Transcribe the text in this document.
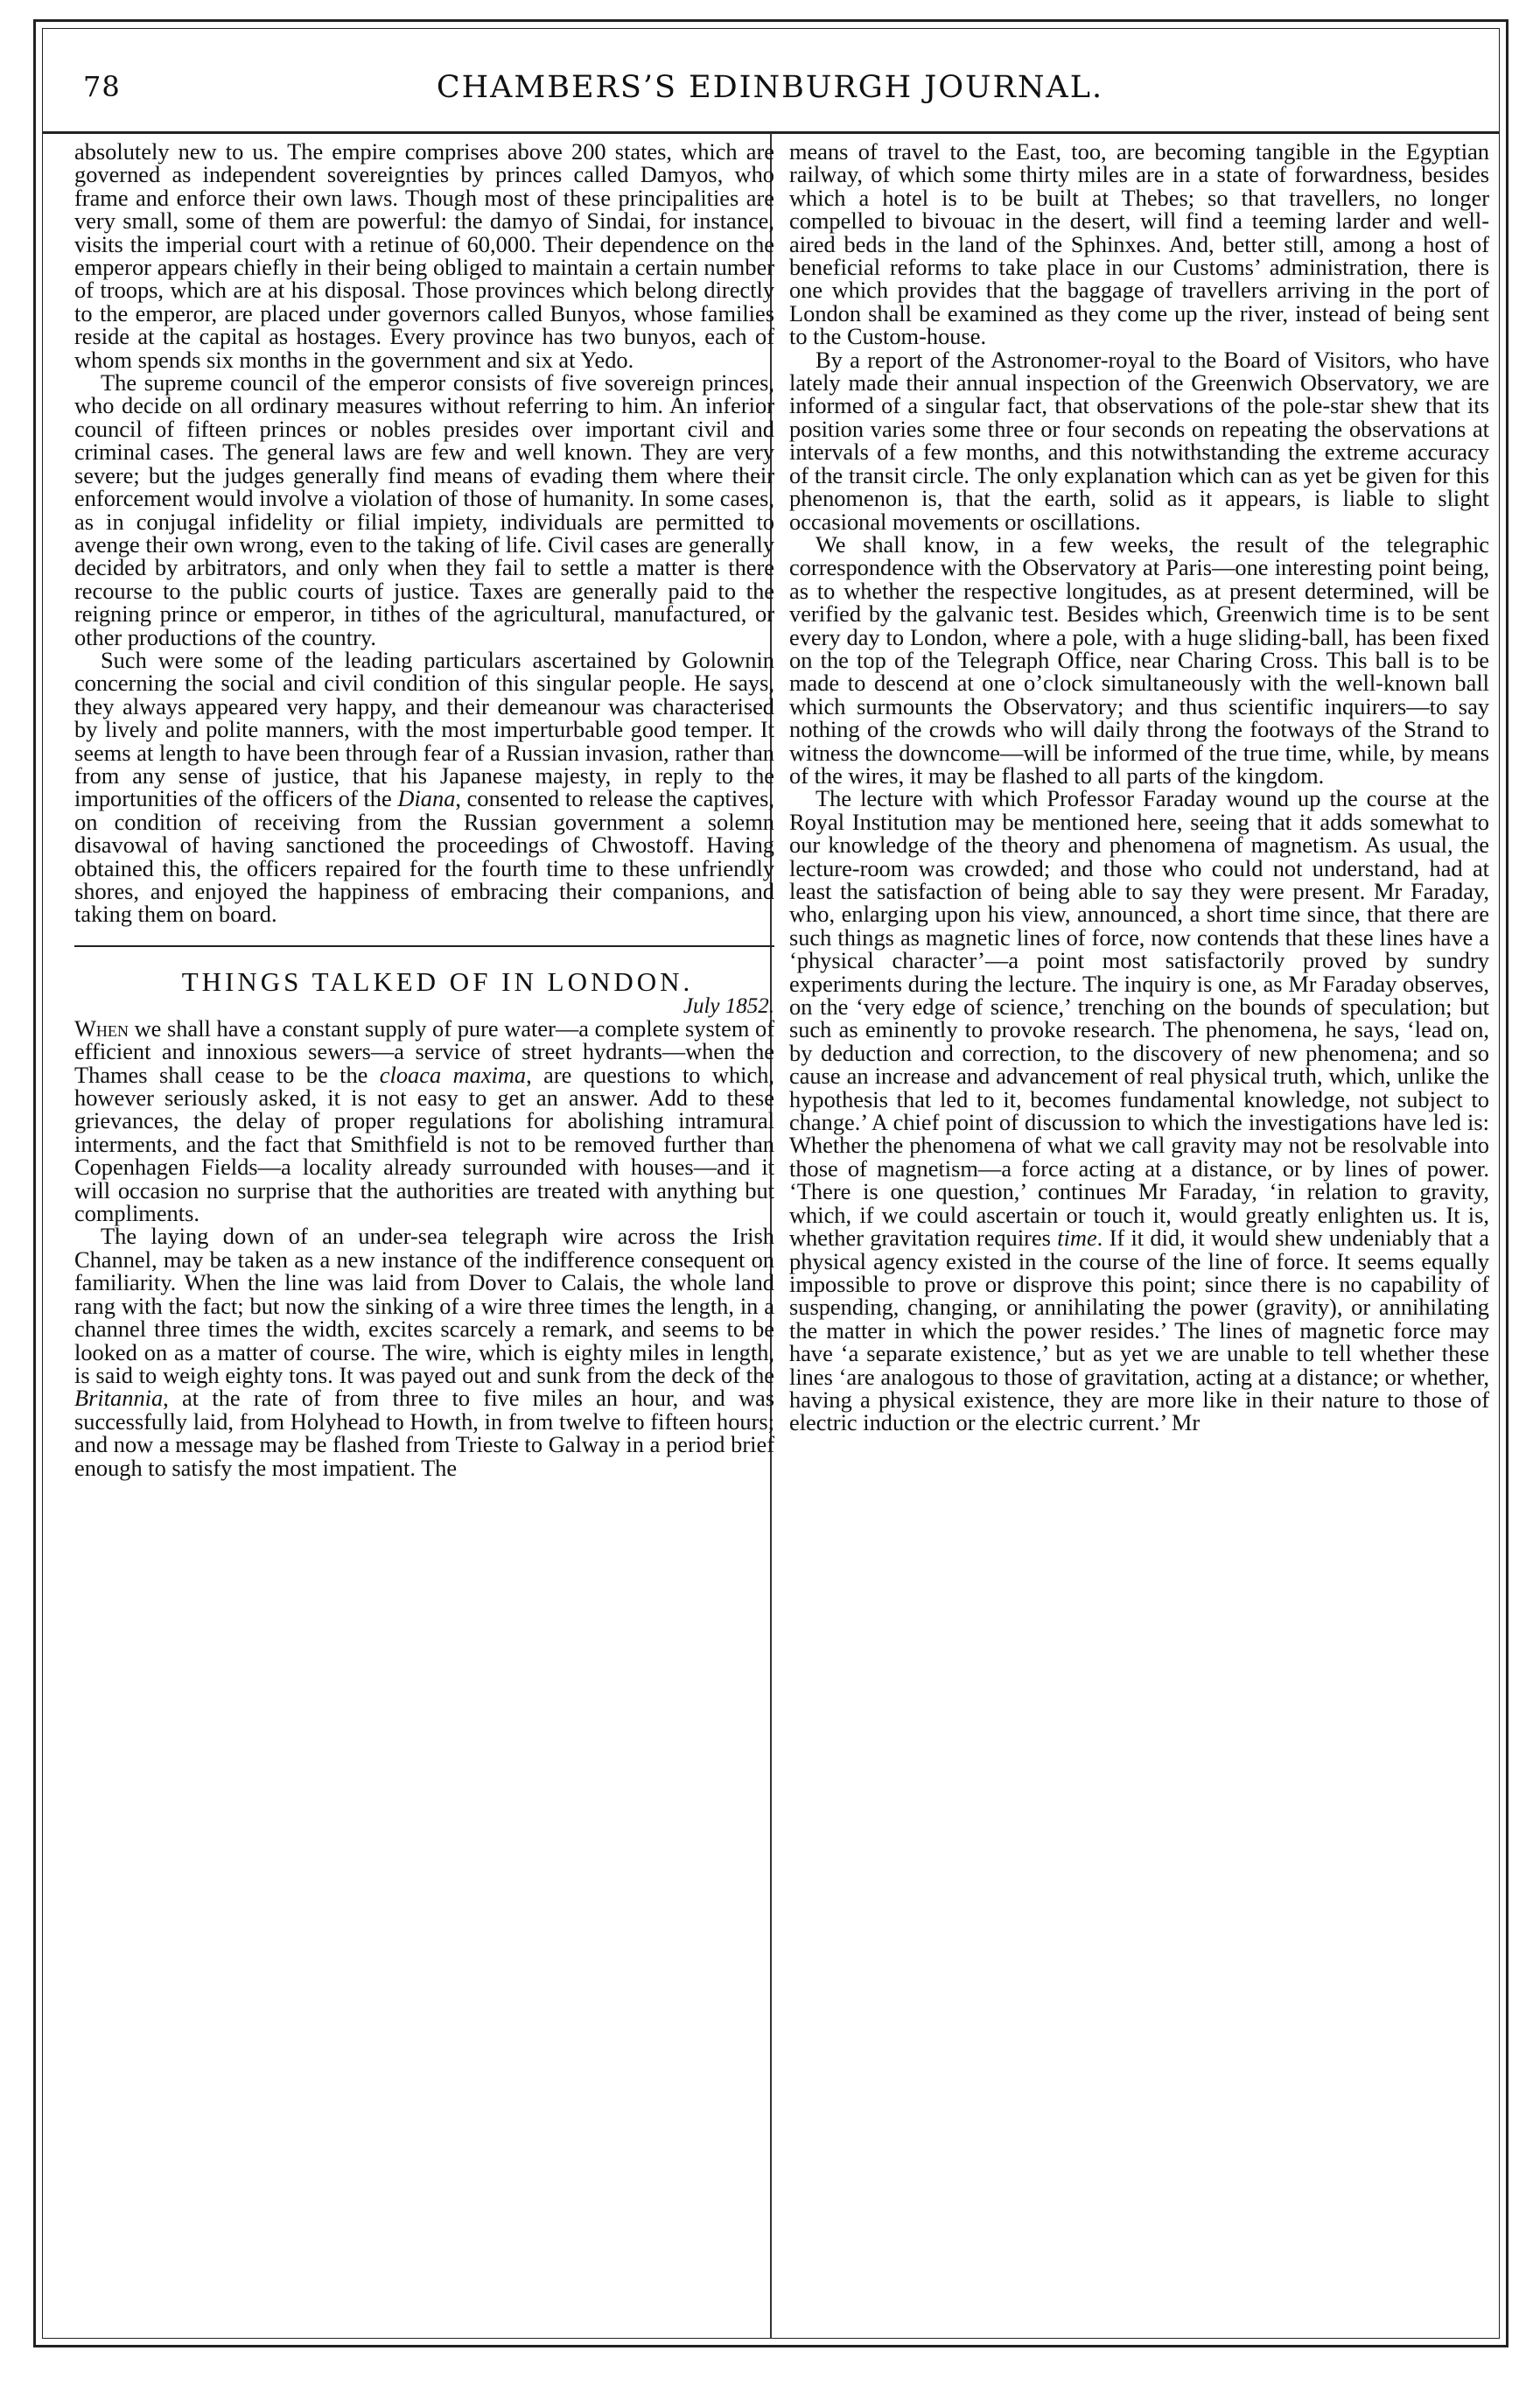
78	CHAMBERS’S EDINBURGH JOURNAL.

absolutely new to us. The empire comprises above 200 states, which are governed as independent sovereignties by princes called Damyos, who frame and enforce their own laws. Though most of these principalities are very small, some of them are powerful: the damyo of Sindai, for instance, visits the imperial court with a retinue of 60,000. Their dependence on the emperor appears chiefly in their being obliged to maintain a certain number of troops, which are at his disposal. Those provinces which belong directly to the emperor, are placed under governors called Bunyos, whose families reside at the capital as hostages. Every province has two bunyos, each of whom spends six months in the government and six at Yedo.

The supreme council of the emperor consists of five sovereign princes, who decide on all ordinary measures without referring to him. An inferior council of fifteen princes or nobles presides over important civil and criminal cases. The general laws are few and well known. They are very severe; but the judges generally find means of evading them where their enforcement would involve a violation of those of humanity. In some cases, as in conjugal infidelity or filial impiety, individuals are permitted to avenge their own wrong, even to the taking of life. Civil cases are generally decided by arbitrators, and only when they fail to settle a matter is there recourse to the public courts of justice. Taxes are generally paid to the reigning prince or emperor, in tithes of the agricultural, manufactured, or other productions of the country.

Such were some of the leading particulars ascertained by Golownin concerning the social and civil condition of this singular people. He says, they always appeared very happy, and their demeanour was characterised by lively and polite manners, with the most imperturbable good temper. It seems at length to have been through fear of a Russian invasion, rather than from any sense of justice, that his Japanese majesty, in reply to the importunities of the officers of the Diana, consented to release the captives, on condition of receiving from the Russian government a solemn disavowal of having sanctioned the proceedings of Chwostoff. Having obtained this, the officers repaired for the fourth time to these unfriendly shores, and enjoyed the happiness of embracing their companions, and taking them on board.

THINGS TALKED OF IN LONDON.

July 1852.

When we shall have a constant supply of pure water—a complete system of efficient and innoxious sewers—a service of street hydrants—when the Thames shall cease to be the cloaca maxima, are questions to which, however seriously asked, it is not easy to get an answer. Add to these grievances, the delay of proper regulations for abolishing intramural interments, and the fact that Smithfield is not to be removed further than Copenhagen Fields—a locality already surrounded with houses—and it will occasion no surprise that the authorities are treated with anything but compliments.

The laying down of an under-sea telegraph wire across the Irish Channel, may be taken as a new instance of the indifference consequent on familiarity. When the line was laid from Dover to Calais, the whole land rang with the fact; but now the sinking of a wire three times the length, in a channel three times the width, excites scarcely a remark, and seems to be looked on as a matter of course. The wire, which is eighty miles in length, is said to weigh eighty tons. It was payed out and sunk from the deck of the Britannia, at the rate of from three to five miles an hour, and was successfully laid, from Holyhead to Howth, in from twelve to fifteen hours; and now a message may be flashed from Trieste to Galway in a period brief enough to satisfy the most impatient. The

means of travel to the East, too, are becoming tangible in the Egyptian railway, of which some thirty miles are in a state of forwardness, besides which a hotel is to be built at Thebes; so that travellers, no longer compelled to bivouac in the desert, will find a teeming larder and well-aired beds in the land of the Sphinxes. And, better still, among a host of beneficial reforms to take place in our Customs’ administration, there is one which provides that the baggage of travellers arriving in the port of London shall be examined as they come up the river, instead of being sent to the Custom-house.

By a report of the Astronomer-royal to the Board of Visitors, who have lately made their annual inspection of the Greenwich Observatory, we are informed of a singular fact, that observations of the pole-star shew that its position varies some three or four seconds on repeating the observations at intervals of a few months, and this notwithstanding the extreme accuracy of the transit circle. The only explanation which can as yet be given for this phenomenon is, that the earth, solid as it appears, is liable to slight occasional movements or oscillations.

We shall know, in a few weeks, the result of the telegraphic correspondence with the Observatory at Paris—one interesting point being, as to whether the respective longitudes, as at present determined, will be verified by the galvanic test. Besides which, Greenwich time is to be sent every day to London, where a pole, with a huge sliding-ball, has been fixed on the top of the Telegraph Office, near Charing Cross. This ball is to be made to descend at one o’clock simultaneously with the well-known ball which surmounts the Observatory; and thus scientific inquirers—to say nothing of the crowds who will daily throng the footways of the Strand to witness the downcome—will be informed of the true time, while, by means of the wires, it may be flashed to all parts of the kingdom.

The lecture with which Professor Faraday wound up the course at the Royal Institution may be mentioned here, seeing that it adds somewhat to our knowledge of the theory and phenomena of magnetism. As usual, the lecture-room was crowded; and those who could not understand, had at least the satisfaction of being able to say they were present. Mr Faraday, who, enlarging upon his view, announced, a short time since, that there are such things as magnetic lines of force, now contends that these lines have a ‘physical character’—a point most satisfactorily proved by sundry experiments during the lecture. The inquiry is one, as Mr Faraday observes, on the ‘very edge of science,’ trenching on the bounds of speculation; but such as eminently to provoke research. The phenomena, he says, ‘lead on, by deduction and correction, to the discovery of new phenomena; and so cause an increase and advancement of real physical truth, which, unlike the hypothesis that led to it, becomes fundamental knowledge, not subject to change.’ A chief point of discussion to which the investigations have led is: Whether the phenomena of what we call gravity may not be resolvable into those of magnetism—a force acting at a distance, or by lines of power. ‘There is one question,’ continues Mr Faraday, ‘in relation to gravity, which, if we could ascertain or touch it, would greatly enlighten us. It is, whether gravitation requires time. If it did, it would shew undeniably that a physical agency existed in the course of the line of force. It seems equally impossible to prove or disprove this point; since there is no capability of suspending, changing, or annihilating the power (gravity), or annihilating the matter in which the power resides.’ The lines of magnetic force may have ‘a separate existence,’ but as yet we are unable to tell whether these lines ‘are analogous to those of gravitation, acting at a distance; or whether, having a physical existence, they are more like in their nature to those of electric induction or the electric current.’ Mr
